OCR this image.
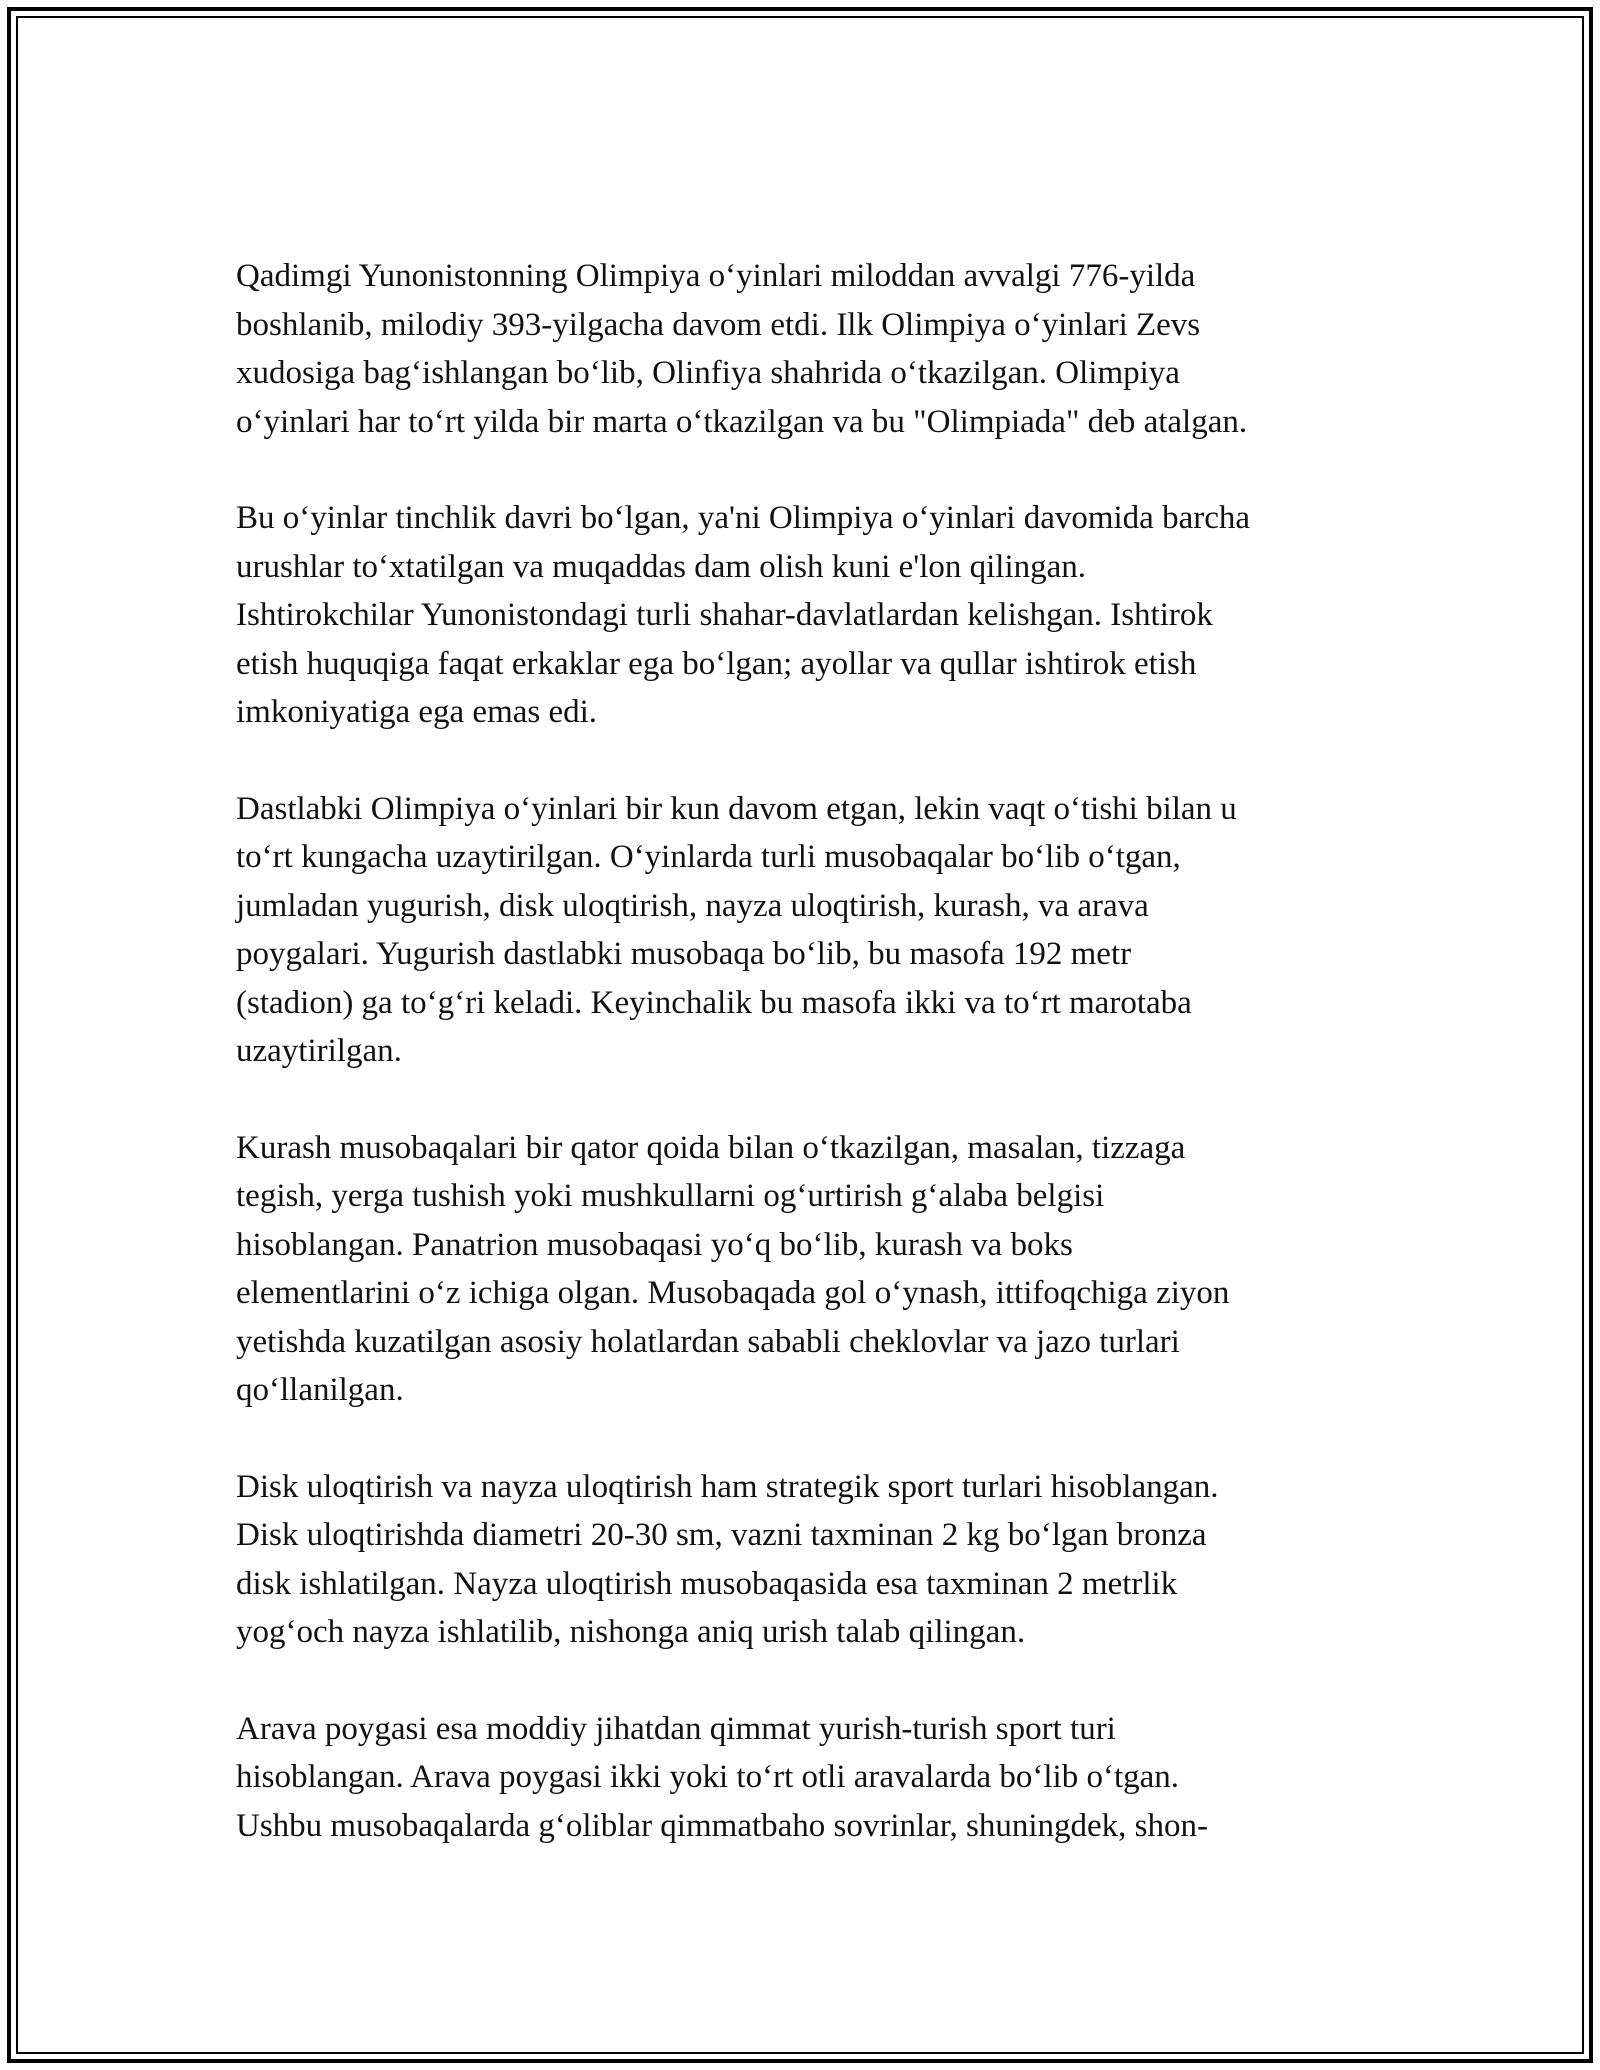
Qadimgi Yunonistonning Olimpiya oʻyinlari miloddan avvalgi 776-yilda
boshlanib, milodiy 393-yilgacha davom etdi. Ilk Olimpiya oʻyinlari Zevs
xudosiga bagʻishlangan boʻlib, Olinfiya shahrida oʻtkazilgan. Olimpiya
oʻyinlari har toʻrt yilda bir marta oʻtkazilgan va bu "Olimpiada" deb atalgan.

Bu oʻyinlar tinchlik davri boʻlgan, ya'ni Olimpiya oʻyinlari davomida barcha
urushlar toʻxtatilgan va muqaddas dam olish kuni e'lon qilingan.
Ishtirokchilar Yunonistondagi turli shahar-davlatlardan kelishgan. Ishtirok
etish huquqiga faqat erkaklar ega boʻlgan; ayollar va qullar ishtirok etish
imkoniyatiga ega emas edi.

Dastlabki Olimpiya oʻyinlari bir kun davom etgan, lekin vaqt oʻtishi bilan u
toʻrt kungacha uzaytirilgan. Oʻyinlarda turli musobaqalar boʻlib oʻtgan,
jumladan yugurish, disk uloqtirish, nayza uloqtirish, kurash, va arava
poygalari. Yugurish dastlabki musobaqa boʻlib, bu masofa 192 metr
(stadion) ga toʻgʻri keladi. Keyinchalik bu masofa ikki va toʻrt marotaba
uzaytirilgan.

Kurash musobaqalari bir qator qoida bilan oʻtkazilgan, masalan, tizzaga
tegish, yerga tushish yoki mushkullarni ogʻurtirish gʻalaba belgisi
hisoblangan. Panatrion musobaqasi yoʻq boʻlib, kurash va boks
elementlarini oʻz ichiga olgan. Musobaqada gol oʻynash, ittifoqchiga ziyon
yetishda kuzatilgan asosiy holatlardan sababli cheklovlar va jazo turlari
qoʻllanilgan.

Disk uloqtirish va nayza uloqtirish ham strategik sport turlari hisoblangan.
Disk uloqtirishda diametri 20-30 sm, vazni taxminan 2 kg boʻlgan bronza
disk ishlatilgan. Nayza uloqtirish musobaqasida esa taxminan 2 metrlik
yogʻoch nayza ishlatilib, nishonga aniq urish talab qilingan.

Arava poygasi esa moddiy jihatdan qimmat yurish-turish sport turi
hisoblangan. Arava poygasi ikki yoki toʻrt otli aravalarda boʻlib oʻtgan.
Ushbu musobaqalarda gʻoliblar qimmatbaho sovrinlar, shuningdek, shon-
